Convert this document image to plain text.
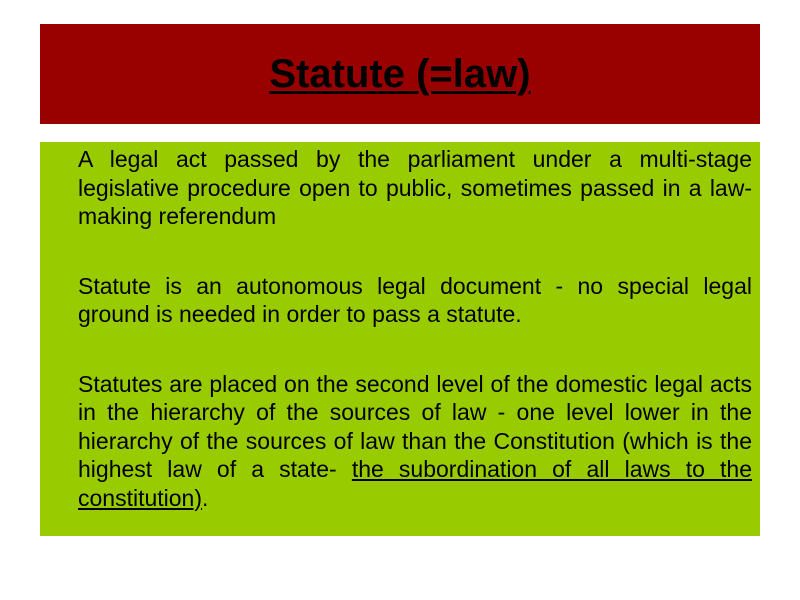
Statute (=law)

A legal act passed by the parliament under a multi-stage legislative procedure open to public, sometimes passed in a law-making referendum

Statute is an autonomous legal document - no special legal ground is needed in order to pass a statute.

Statutes are placed on the second level of the domestic legal acts in the hierarchy of the sources of law - one level lower in the hierarchy of the sources of law than the Constitution (which is the highest law of a state- the subordination of all laws to the constitution).
